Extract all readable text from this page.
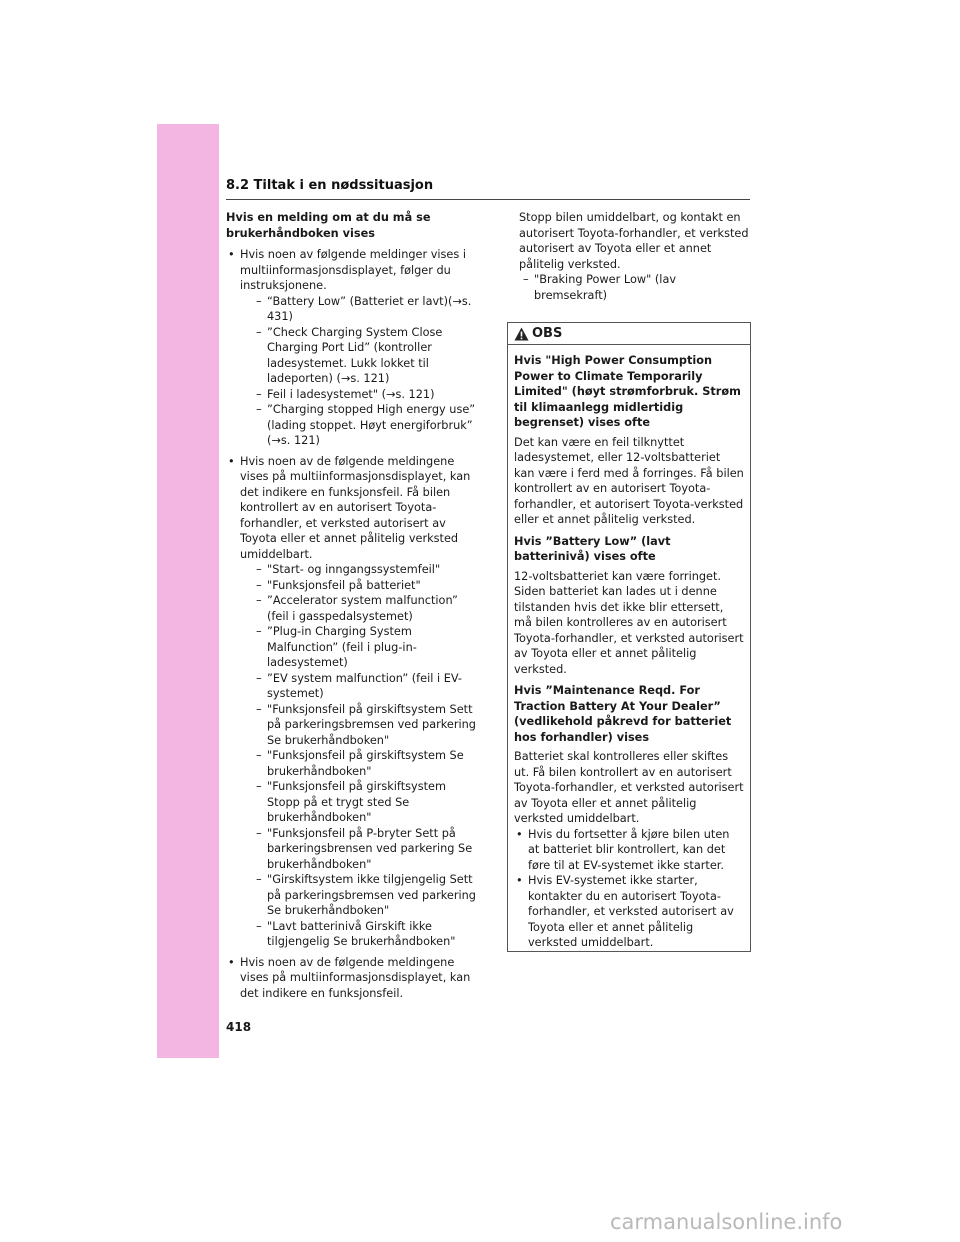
8.2 Tiltak i en nødssituasjon
Hvis en melding om at du må se brukerhåndboken vises
• Hvis noen av følgende meldinger vises i multiinformasjonsdisplayet, følger du instruksjonene.
– “Battery Low” (Batteriet er lavt)(→s. 431)
– ”Check Charging System Close Charging Port Lid” (kontroller ladesystemet. Lukk lokket til ladeporten) (→s. 121)
– Feil i ladesystemet" (→s. 121)
– ”Charging stopped High energy use” (lading stoppet. Høyt energiforbruk” (→s. 121)
• Hvis noen av de følgende meldingene vises på multiinformasjonsdisplayet, kan det indikere en funksjonsfeil. Få bilen kontrollert av en autorisert Toyota-forhandler, et verksted autorisert av Toyota eller et annet pålitelig verksted umiddelbart.
– "Start- og inngangssystemfeil"
– "Funksjonsfeil på batteriet"
– ”Accelerator system malfunction” (feil i gasspedalsystemet)
– ”Plug-in Charging System Malfunction” (feil i plug-in-ladesystemet)
– ”EV system malfunction” (feil i EV-systemet)
– "Funksjonsfeil på girskiftsystem Sett på parkeringsbremsen ved parkering Se brukerhåndboken"
– "Funksjonsfeil på girskiftsystem Se brukerhåndboken"
– "Funksjonsfeil på girskiftsystem Stopp på et trygt sted Se brukerhåndboken"
– "Funksjonsfeil på P-bryter Sett på barkeringsbrensen ved parkering Se brukerhåndboken"
– "Girskiftsystem ikke tilgjengelig Sett på parkeringsbremsen ved parkering Se brukerhåndboken"
– "Lavt batterinivå Girskift ikke tilgjengelig Se brukerhåndboken"
• Hvis noen av de følgende meldingene vises på multiinformasjonsdisplayet, kan det indikere en funksjonsfeil.
Stopp bilen umiddelbart, og kontakt en autorisert Toyota-forhandler, et verksted autorisert av Toyota eller et annet pålitelig verksted.
– "Braking Power Low" (lav bremsekraft)
OBS
Hvis "High Power Consumption Power to Climate Temporarily Limited" (høyt strømforbruk. Strøm til klimaanlegg midlertidig begrenset) vises ofte
Det kan være en feil tilknyttet ladesystemet, eller 12-voltsbatteriet kan være i ferd med å forringes. Få bilen kontrollert av en autorisert Toyota-forhandler, et autorisert Toyota-verksted eller et annet pålitelig verksted.
Hvis ”Battery Low” (lavt batterinivå) vises ofte
12-voltsbatteriet kan være forringet. Siden batteriet kan lades ut i denne tilstanden hvis det ikke blir ettersett, må bilen kontrolleres av en autorisert Toyota-forhandler, et verksted autorisert av Toyota eller et annet pålitelig verksted.
Hvis ”Maintenance Reqd. For Traction Battery At Your Dealer” (vedlikehold påkrevd for batteriet hos forhandler) vises
Batteriet skal kontrolleres eller skiftes ut. Få bilen kontrollert av en autorisert Toyota-forhandler, et verksted autorisert av Toyota eller et annet pålitelig verksted umiddelbart.
• Hvis du fortsetter å kjøre bilen uten at batteriet blir kontrollert, kan det føre til at EV-systemet ikke starter.
• Hvis EV-systemet ikke starter, kontakter du en autorisert Toyota-forhandler, et verksted autorisert av Toyota eller et annet pålitelig verksted umiddelbart.
418
carmanualsonline.info
